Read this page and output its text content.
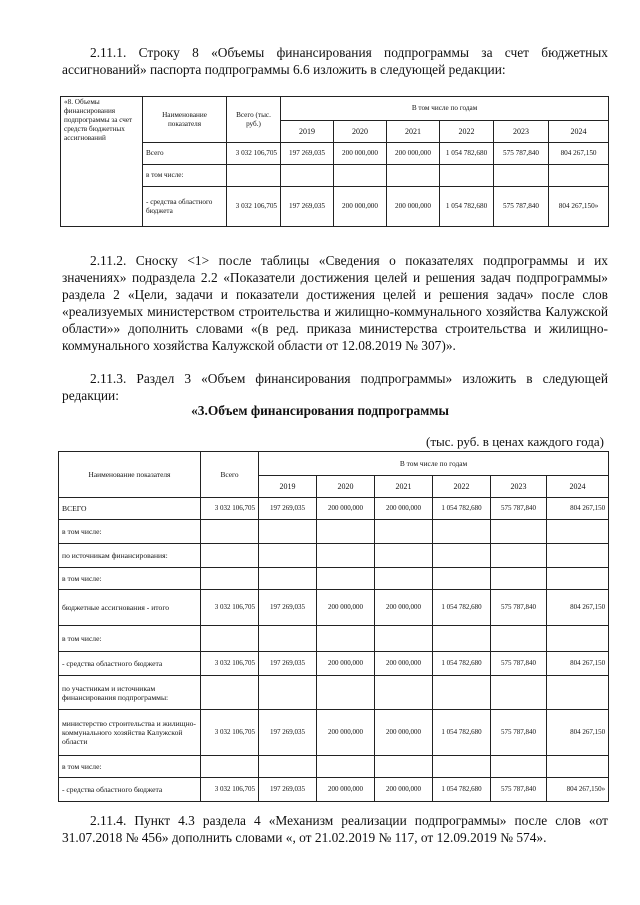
2.11.1. Строку 8 «Объемы финансирования подпрограммы за счет бюджетных ассигнований» паспорта подпрограммы 6.6 изложить в следующей редакции:
«8. Объемы финансирования подпрограммы за счет средств бюджетных ассигнований	Наименование показателя	Всего (тыс. руб.)	В том числе по годам					
			2019	2020	2021	2022	2023	2024
	Всего	3 032 106,705	197 269,035	200 000,000	200 000,000	1 054 782,680	575 787,840	804 267,150
	в том числе:							
	- средства областного бюджета	3 032 106,705	197 269,035	200 000,000	200 000,000	1 054 782,680	575 787,840	804 267,150»
2.11.2. Сноску <1> после таблицы «Сведения о показателях подпрограммы и их значениях» подраздела 2.2 «Показатели достижения целей и решения задач подпрограммы» раздела 2 «Цели, задачи и показатели достижения целей и решения задач» после слов «реализуемых министерством строительства и жилищно-коммунального хозяйства Калужской области»» дополнить словами «(в ред. приказа министерства строительства и жилищно-коммунального хозяйства Калужской области от 12.08.2019 № 307)».
2.11.3. Раздел 3 «Объем финансирования подпрограммы» изложить в следующей редакции:
«3.Объем финансирования подпрограммы
(тыс. руб. в ценах каждого года)
Наименование показателя	Всего	В том числе по годам					
		2019	2020	2021	2022	2023	2024
ВСЕГО	3 032 106,705	197 269,035	200 000,000	200 000,000	1 054 782,680	575 787,840	804 267,150
в том числе:							
по источникам финансирования:							
в том числе:							
бюджетные ассигнования - итого	3 032 106,705	197 269,035	200 000,000	200 000,000	1 054 782,680	575 787,840	804 267,150
в том числе:							
- средства областного бюджета	3 032 106,705	197 269,035	200 000,000	200 000,000	1 054 782,680	575 787,840	804 267,150
по участникам и источникам финансирования подпрограммы:							
министерство строительства и жилищно-коммунального хозяйства Калужской области	3 032 106,705	197 269,035	200 000,000	200 000,000	1 054 782,680	575 787,840	804 267,150
в том числе:							
- средства областного бюджета	3 032 106,705	197 269,035	200 000,000	200 000,000	1 054 782,680	575 787,840	804 267,150»
2.11.4. Пункт 4.3 раздела 4 «Механизм реализации подпрограммы» после слов «от 31.07.2018 № 456» дополнить словами «, от 21.02.2019 № 117, от 12.09.2019 № 574».
